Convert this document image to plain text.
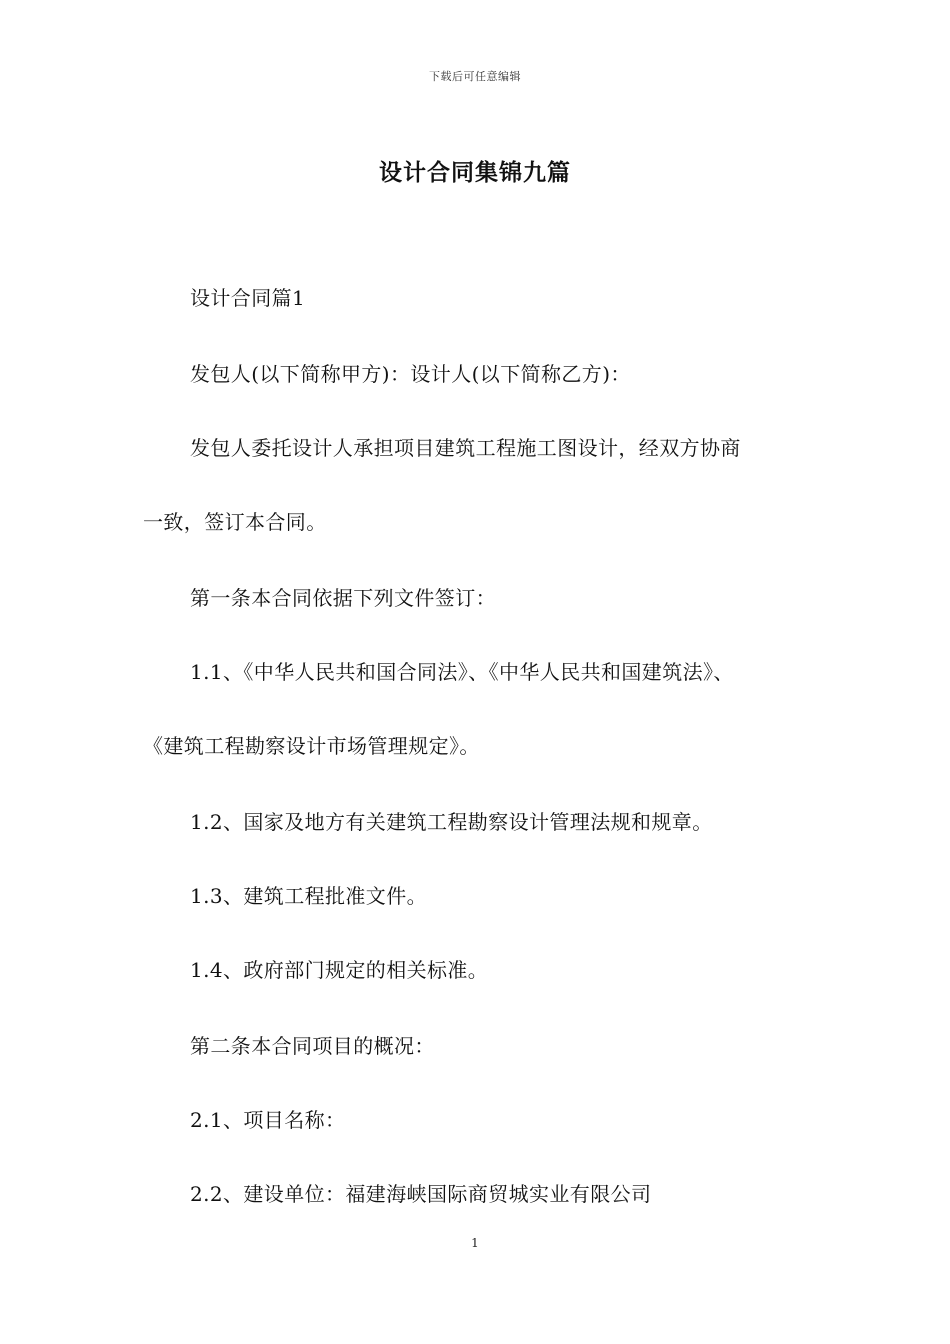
下载后可任意编辑
设计合同集锦九篇
设计合同篇1
发包人(以下简称甲方)：设计人(以下简称乙方)：
发包人委托设计人承担项目建筑工程施工图设计，经双方协商
一致，签订本合同。
第一条本合同依据下列文件签订：
1.1、《中华人民共和国合同法》、《中华人民共和国建筑法》、
《建筑工程勘察设计市场管理规定》。
1.2、国家及地方有关建筑工程勘察设计管理法规和规章。
1.3、建筑工程批准文件。
1.4、政府部门规定的相关标准。
第二条本合同项目的概况：
2.1、项目名称：
2.2、建设单位：福建海峡国际商贸城实业有限公司
1
